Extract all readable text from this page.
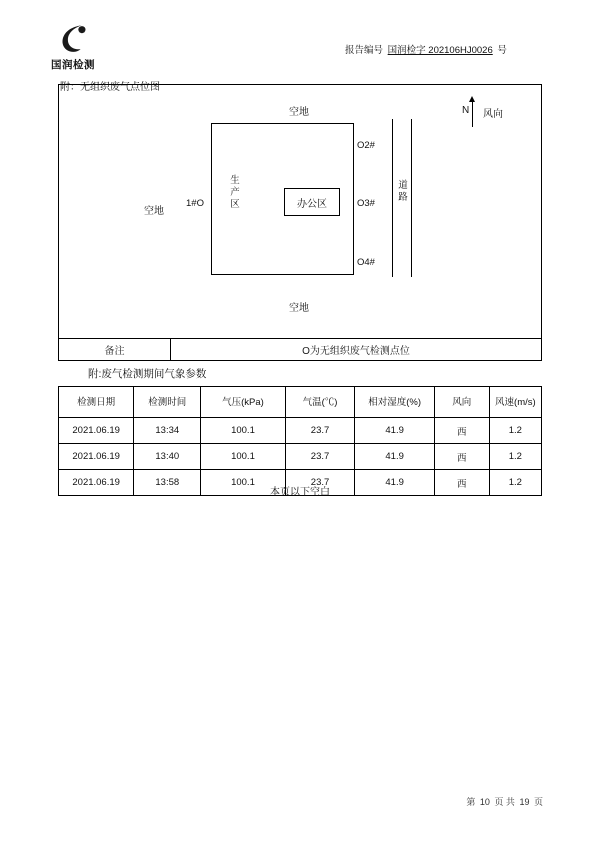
国润检测
报告编号 国润检字 202106HJ0026 号
附：无组织废气点位图
空地
空地
空地
生产区	办公区
1#O
O2#
O3#
O4#
道路
N 风向
备注	O为无组织废气检测点位
附:废气检测期间气象参数
检测日期	检测时间	气压(kPa)	气温(℃)	相对湿度(%)	风向	风速(m/s)
2021.06.19	13:34	100.1	23.7	41.9	西	1.2
2021.06.19	13:40	100.1	23.7	41.9	西	1.2
2021.06.19	13:58	100.1	23.7	41.9	西	1.2
本页以下空白
第 10 页 共 19 页
